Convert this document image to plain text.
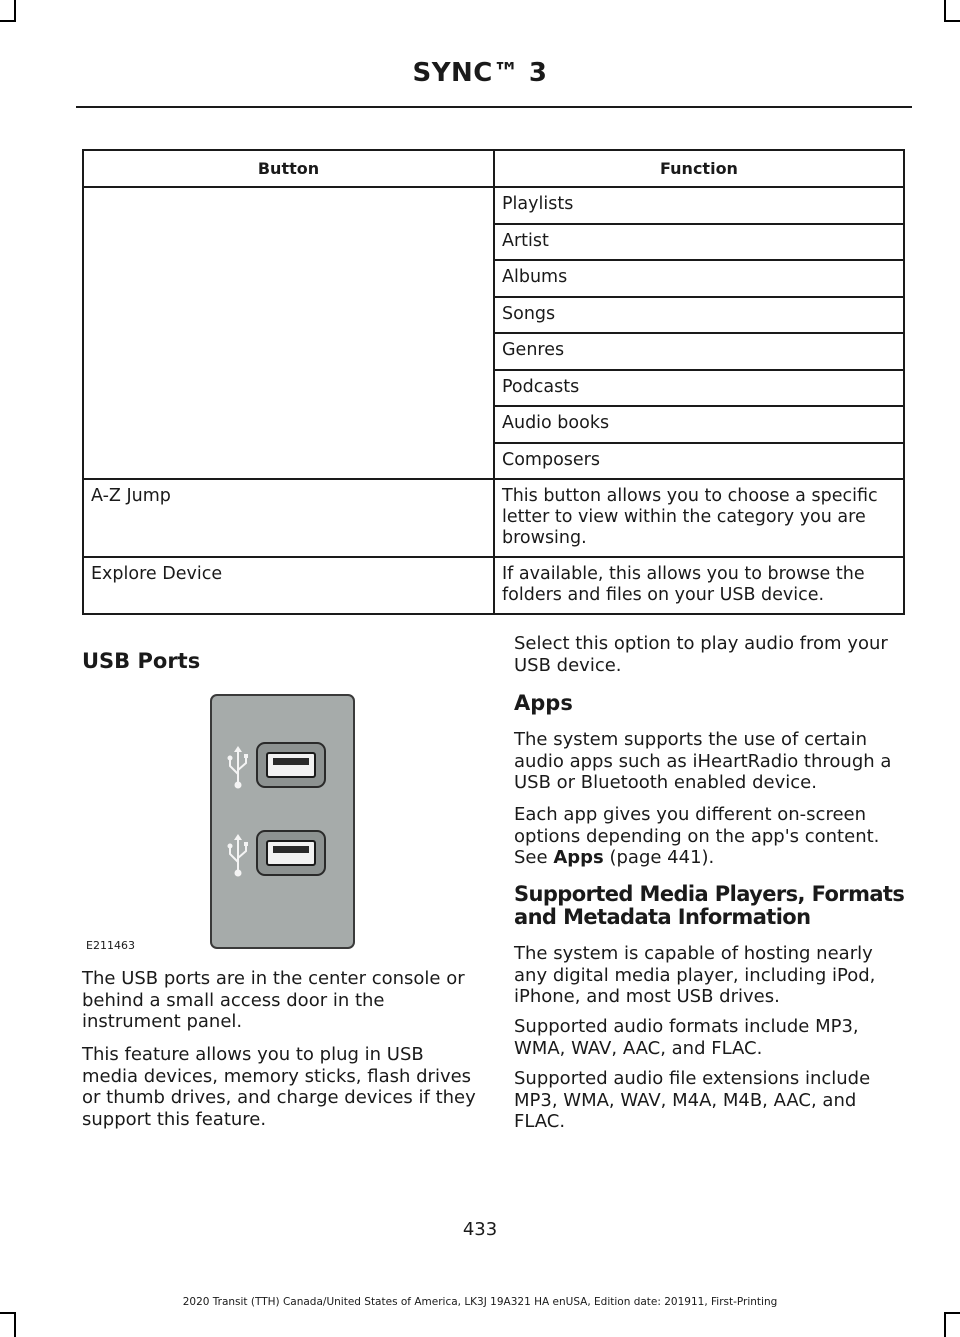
SYNC™ 3
Button	Function
	Playlists
	Artist
	Albums
	Songs
	Genres
	Podcasts
	Audio books
	Composers
A-Z Jump	This button allows you to choose a specific letter to view within the category you are browsing.
Explore Device	If available, this allows you to browse the folders and files on your USB device.
USB Ports
E211463
The USB ports are in the center console or behind a small access door in the instrument panel.
This feature allows you to plug in USB media devices, memory sticks, flash drives or thumb drives, and charge devices if they support this feature.
Select this option to play audio from your USB device.
Apps
The system supports the use of certain audio apps such as iHeartRadio through a USB or Bluetooth enabled device.
Each app gives you different on-screen options depending on the app's content. See Apps (page 441).
Supported Media Players, Formats and Metadata Information
The system is capable of hosting nearly any digital media player, including iPod, iPhone, and most USB drives.
Supported audio formats include MP3, WMA, WAV, AAC, and FLAC.
Supported audio file extensions include MP3, WMA, WAV, M4A, M4B, AAC, and FLAC.
433
2020 Transit (TTH) Canada/United States of America, LK3J 19A321 HA enUSA, Edition date: 201911, First-Printing
